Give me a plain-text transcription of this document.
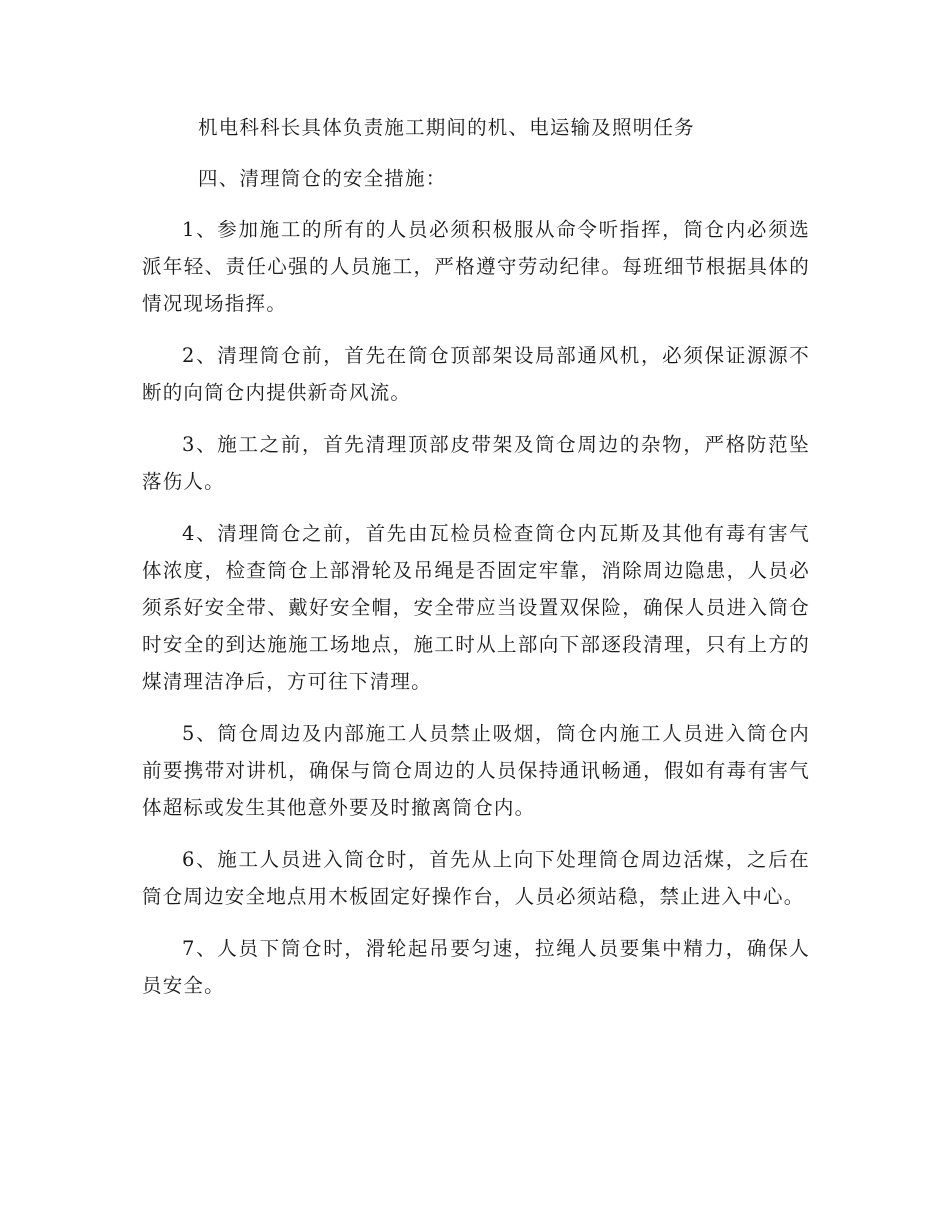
机电科科长具体负责施工期间的机、电运输及照明任务

四、清理筒仓的安全措施：

1、参加施工的所有的人员必须积极服从命令听指挥，筒仓内必须选派年轻、责任心强的人员施工，严格遵守劳动纪律。每班细节根据具体的情况现场指挥。

2、清理筒仓前，首先在筒仓顶部架设局部通风机，必须保证源源不断的向筒仓内提供新奇风流。

3、施工之前，首先清理顶部皮带架及筒仓周边的杂物，严格防范坠落伤人。

4、清理筒仓之前，首先由瓦检员检查筒仓内瓦斯及其他有毒有害气体浓度，检查筒仓上部滑轮及吊绳是否固定牢靠，消除周边隐患，人员必须系好安全带、戴好安全帽，安全带应当设置双保险，确保人员进入筒仓时安全的到达施施工场地点，施工时从上部向下部逐段清理，只有上方的煤清理洁净后，方可往下清理。

5、筒仓周边及内部施工人员禁止吸烟，筒仓内施工人员进入筒仓内前要携带对讲机，确保与筒仓周边的人员保持通讯畅通，假如有毒有害气体超标或发生其他意外要及时撤离筒仓内。

6、施工人员进入筒仓时，首先从上向下处理筒仓周边活煤，之后在筒仓周边安全地点用木板固定好操作台，人员必须站稳，禁止进入中心。

7、人员下筒仓时，滑轮起吊要匀速，拉绳人员要集中精力，确保人员安全。
